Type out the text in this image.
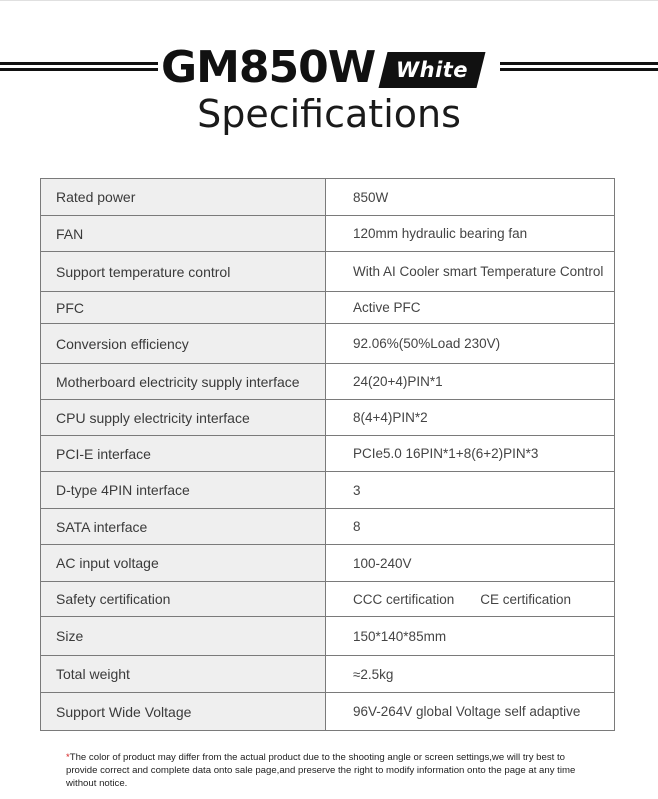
GM850W White
Specifications
Rated power	850W
FAN	120mm hydraulic bearing fan
Support temperature control	With AI Cooler smart Temperature Control
PFC	Active PFC
Conversion efficiency	92.06%(50%Load 230V)
Motherboard electricity supply interface	24(20+4)PIN*1
CPU supply electricity interface	8(4+4)PIN*2
PCI-E interface	PCIe5.0 16PIN*1+8(6+2)PIN*3
D-type 4PIN interface	3
SATA interface	8
AC input voltage	100-240V
Safety certification	CCC certification CE certification
Size	150*140*85mm
Total weight	≈2.5kg
Support Wide Voltage	96V-264V global Voltage self adaptive
*The color of product may differ from the actual product due to the shooting angle or screen settings,we will try best to provide correct and complete data onto sale page,and preserve the right to modify information onto the page at any time without notice.
